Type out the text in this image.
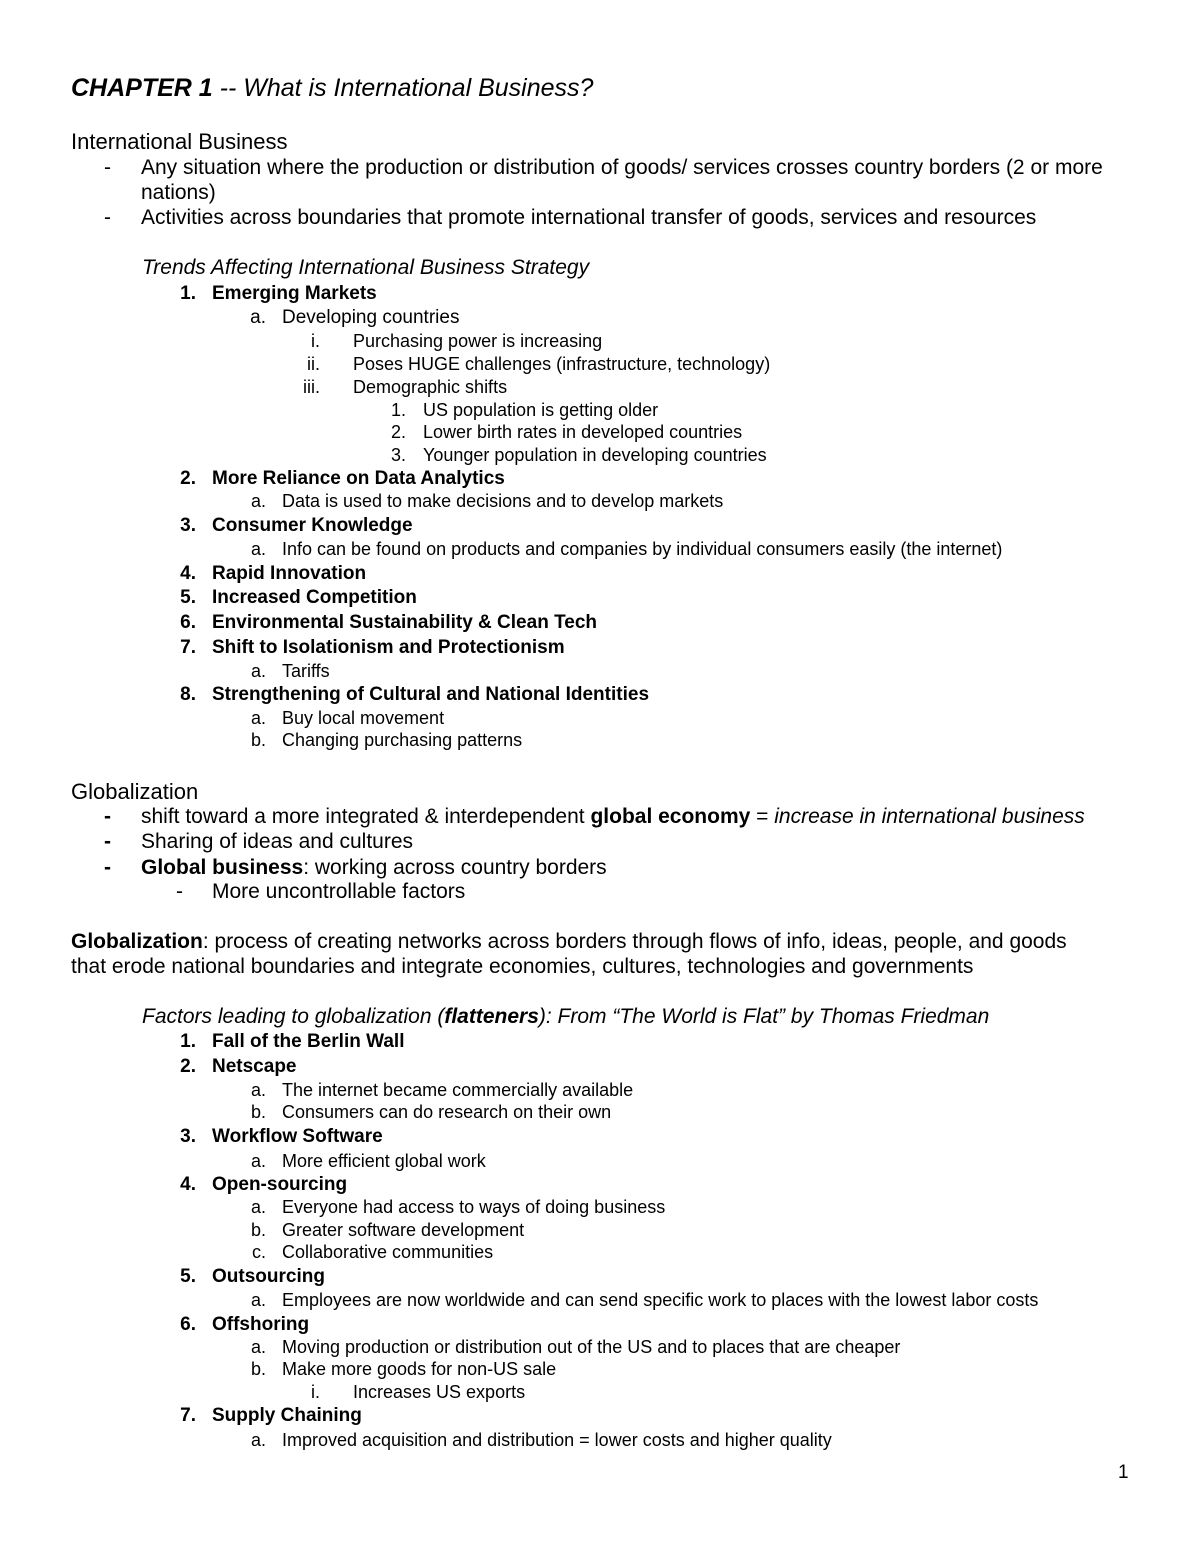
CHAPTER 1 -- What is International Business?
International Business
- Any situation where the production or distribution of goods/ services crosses country borders (2 or more
nations)
- Activities across boundaries that promote international transfer of goods, services and resources
Trends Affecting International Business Strategy
1. Emerging Markets
a. Developing countries
i. Purchasing power is increasing
ii. Poses HUGE challenges (infrastructure, technology)
iii. Demographic shifts
1. US population is getting older
2. Lower birth rates in developed countries
3. Younger population in developing countries
2. More Reliance on Data Analytics
a. Data is used to make decisions and to develop markets
3. Consumer Knowledge
a. Info can be found on products and companies by individual consumers easily (the internet)
4. Rapid Innovation
5. Increased Competition
6. Environmental Sustainability & Clean Tech
7. Shift to Isolationism and Protectionism
a. Tariffs
8. Strengthening of Cultural and National Identities
a. Buy local movement
b. Changing purchasing patterns
Globalization
- shift toward a more integrated & interdependent global economy = increase in international business
- Sharing of ideas and cultures
- Global business: working across country borders
- More uncontrollable factors
Globalization: process of creating networks across borders through flows of info, ideas, people, and goods
that erode national boundaries and integrate economies, cultures, technologies and governments
Factors leading to globalization (flatteners): From “The World is Flat” by Thomas Friedman
1. Fall of the Berlin Wall
2. Netscape
a. The internet became commercially available
b. Consumers can do research on their own
3. Workflow Software
a. More efficient global work
4. Open-sourcing
a. Everyone had access to ways of doing business
b. Greater software development
c. Collaborative communities
5. Outsourcing
a. Employees are now worldwide and can send specific work to places with the lowest labor costs
6. Offshoring
a. Moving production or distribution out of the US and to places that are cheaper
b. Make more goods for non-US sale
i. Increases US exports
7. Supply Chaining
a. Improved acquisition and distribution = lower costs and higher quality
1
